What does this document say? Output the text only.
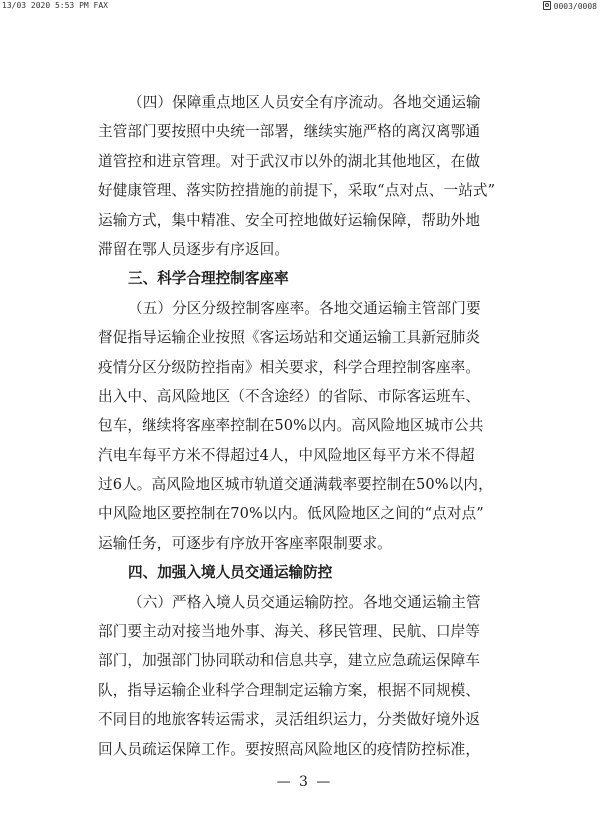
13/03 2020 5:53 PM FAX	0003/0008
（四）保障重点地区人员安全有序流动。各地交通运输
主管部门要按照中央统一部署，继续实施严格的离汉离鄂通
道管控和进京管理。对于武汉市以外的湖北其他地区，在做
好健康管理、落实防控措施的前提下，采取“点对点、一站式”
运输方式，集中精准、安全可控地做好运输保障，帮助外地
滞留在鄂人员逐步有序返回。
三、科学合理控制客座率
（五）分区分级控制客座率。各地交通运输主管部门要
督促指导运输企业按照《客运场站和交通运输工具新冠肺炎
疫情分区分级防控指南》相关要求，科学合理控制客座率。
出入中、高风险地区（不含途经）的省际、市际客运班车、
包车，继续将客座率控制在50%以内。高风险地区城市公共
汽电车每平方米不得超过4人，中风险地区每平方米不得超
过6人。高风险地区城市轨道交通满载率要控制在50%以内，
中风险地区要控制在70%以内。低风险地区之间的“点对点”
运输任务，可逐步有序放开客座率限制要求。
四、加强入境人员交通运输防控
（六）严格入境人员交通运输防控。各地交通运输主管
部门要主动对接当地外事、海关、移民管理、民航、口岸等
部门，加强部门协同联动和信息共享，建立应急疏运保障车
队，指导运输企业科学合理制定运输方案，根据不同规模、
不同目的地旅客转运需求，灵活组织运力，分类做好境外返
回人员疏运保障工作。要按照高风险地区的疫情防控标准，
— 3 —
